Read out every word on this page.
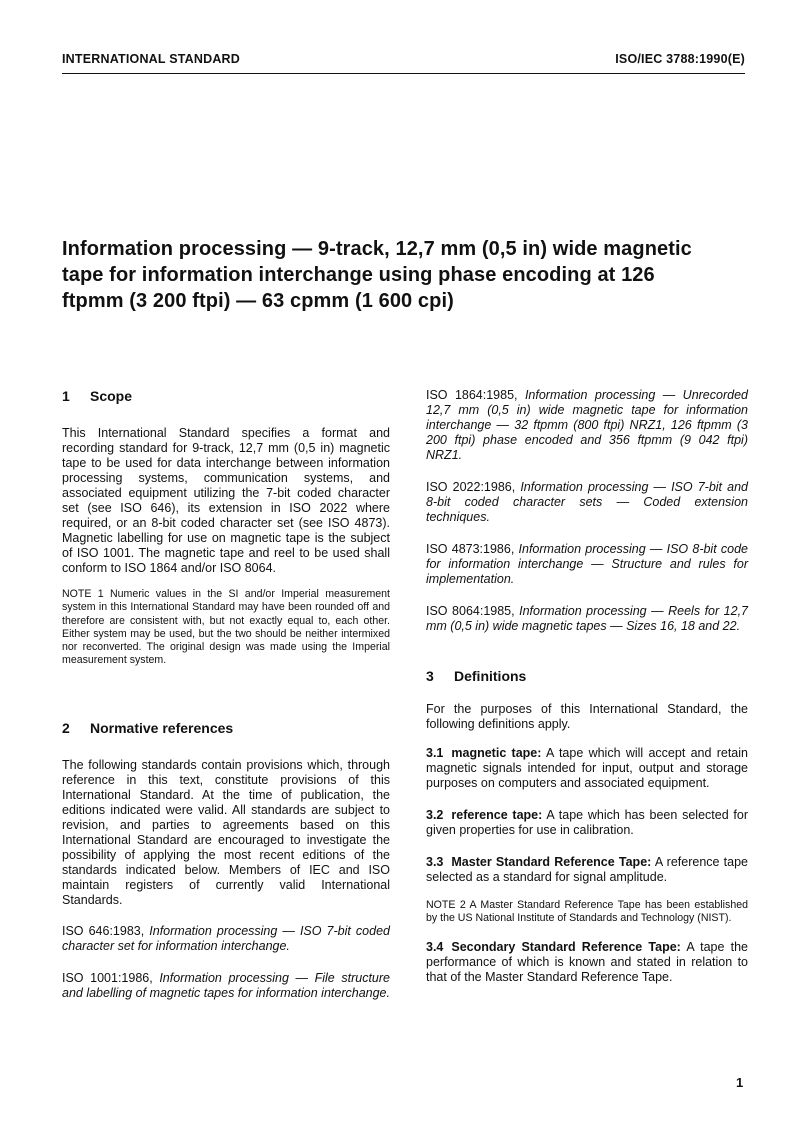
INTERNATIONAL STANDARD	ISO/IEC 3788:1990(E)
Information processing — 9-track, 12,7 mm (0,5 in) wide magnetic tape for information interchange using phase encoding at 126 ftpmm (3 200 ftpi) — 63 cpmm (1 600 cpi)
1	Scope

This International Standard specifies a format and recording standard for 9-track, 12,7 mm (0,5 in) magnetic tape to be used for data interchange between information processing systems, communication systems, and associated equipment utilizing the 7-bit coded character set (see ISO 646), its extension in ISO 2022 where required, or an 8-bit coded character set (see ISO 4873). Magnetic labelling for use on magnetic tape is the subject of ISO 1001. The magnetic tape and reel to be used shall conform to ISO 1864 and/or ISO 8064.

NOTE 1 Numeric values in the SI and/or Imperial measurement system in this International Standard may have been rounded off and therefore are consistent with, but not exactly equal to, each other. Either system may be used, but the two should be neither intermixed nor reconverted. The original design was made using the Imperial measurement system.

2	Normative references

The following standards contain provisions which, through reference in this text, constitute provisions of this International Standard. At the time of publication, the editions indicated were valid. All standards are subject to revision, and parties to agreements based on this International Standard are encouraged to investigate the possibility of applying the most recent editions of the standards indicated below. Members of IEC and ISO maintain registers of currently valid International Standards.

ISO 646:1983, Information processing — ISO 7-bit coded character set for information interchange.

ISO 1001:1986, Information processing — File structure and labelling of magnetic tapes for information interchange.

ISO 1864:1985, Information processing — Unrecorded 12,7 mm (0,5 in) wide magnetic tape for information interchange — 32 ftpmm (800 ftpi) NRZ1, 126 ftpmm (3 200 ftpi) phase encoded and 356 ftpmm (9 042 ftpi) NRZ1.

ISO 2022:1986, Information processing — ISO 7-bit and 8-bit coded character sets — Coded extension techniques.

ISO 4873:1986, Information processing — ISO 8-bit code for information interchange — Structure and rules for implementation.

ISO 8064:1985, Information processing — Reels for 12,7 mm (0,5 in) wide magnetic tapes — Sizes 16, 18 and 22.

3	Definitions

For the purposes of this International Standard, the following definitions apply.

3.1 magnetic tape: A tape which will accept and retain magnetic signals intended for input, output and storage purposes on computers and associated equipment.

3.2 reference tape: A tape which has been selected for given properties for use in calibration.

3.3 Master Standard Reference Tape: A reference tape selected as a standard for signal amplitude.

NOTE 2 A Master Standard Reference Tape has been established by the US National Institute of Standards and Technology (NIST).

3.4 Secondary Standard Reference Tape: A tape the performance of which is known and stated in relation to that of the Master Standard Reference Tape.

1
